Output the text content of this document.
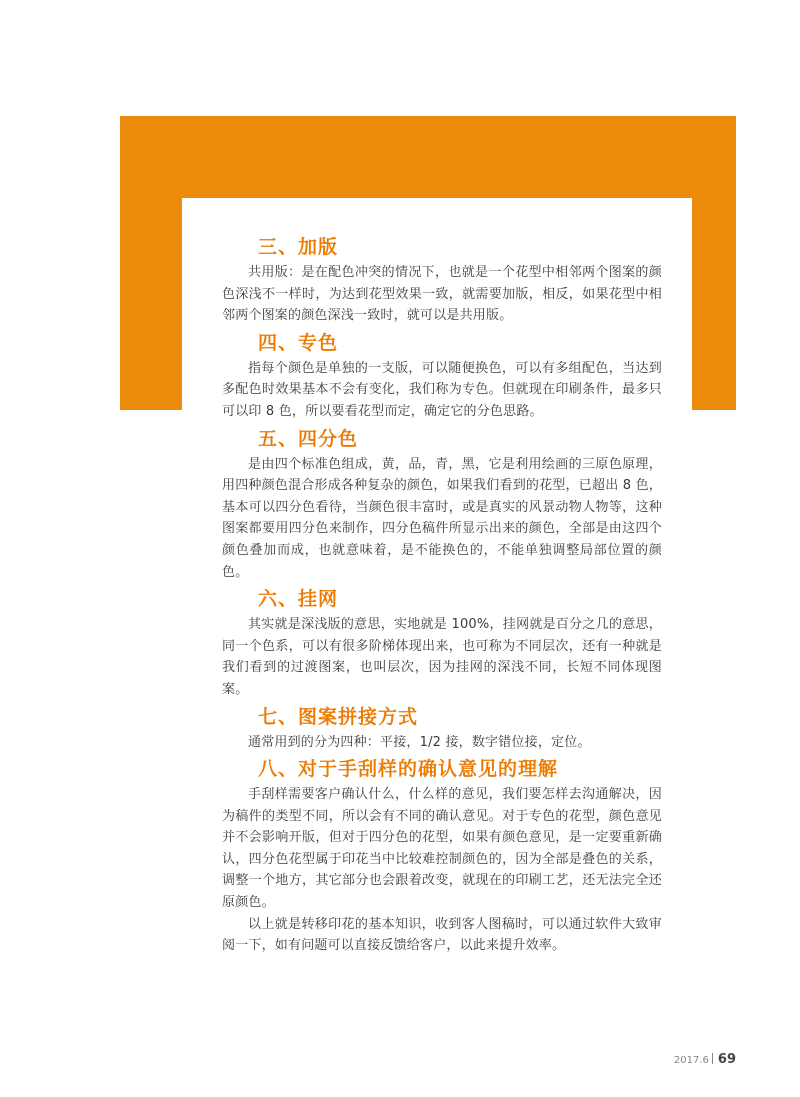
三、加版

共用版：是在配色冲突的情况下，也就是一个花型中相邻两个图案的颜色深浅不一样时，为达到花型效果一致，就需要加版，相反，如果花型中相邻两个图案的颜色深浅一致时，就可以是共用版。

四、专色

指每个颜色是单独的一支版，可以随便换色，可以有多组配色，当达到多配色时效果基本不会有变化，我们称为专色。但就现在印刷条件，最多只可以印 8 色，所以要看花型而定，确定它的分色思路。

五、四分色

是由四个标准色组成，黄，品，青，黑，它是利用绘画的三原色原理，用四种颜色混合形成各种复杂的颜色，如果我们看到的花型，已超出 8 色，基本可以四分色看待，当颜色很丰富时，或是真实的风景动物人物等，这种图案都要用四分色来制作，四分色稿件所显示出来的颜色，全部是由这四个颜色叠加而成，也就意味着，是不能换色的，不能单独调整局部位置的颜色。

六、挂网

其实就是深浅版的意思，实地就是 100%，挂网就是百分之几的意思，同一个色系，可以有很多阶梯体现出来，也可称为不同层次，还有一种就是我们看到的过渡图案，也叫层次，因为挂网的深浅不同，长短不同体现图案。

七、图案拼接方式

通常用到的分为四种：平接，1/2 接，数字错位接，定位。

八、对于手刮样的确认意见的理解

手刮样需要客户确认什么，什么样的意见，我们要怎样去沟通解决，因为稿件的类型不同，所以会有不同的确认意见。对于专色的花型，颜色意见并不会影响开版，但对于四分色的花型，如果有颜色意见，是一定要重新确认，四分色花型属于印花当中比较难控制颜色的，因为全部是叠色的关系，调整一个地方，其它部分也会跟着改变，就现在的印刷工艺，还无法完全还原颜色。

以上就是转移印花的基本知识，收到客人图稿时，可以通过软件大致审阅一下，如有问题可以直接反馈给客户，以此来提升效率。

2017.6 69
